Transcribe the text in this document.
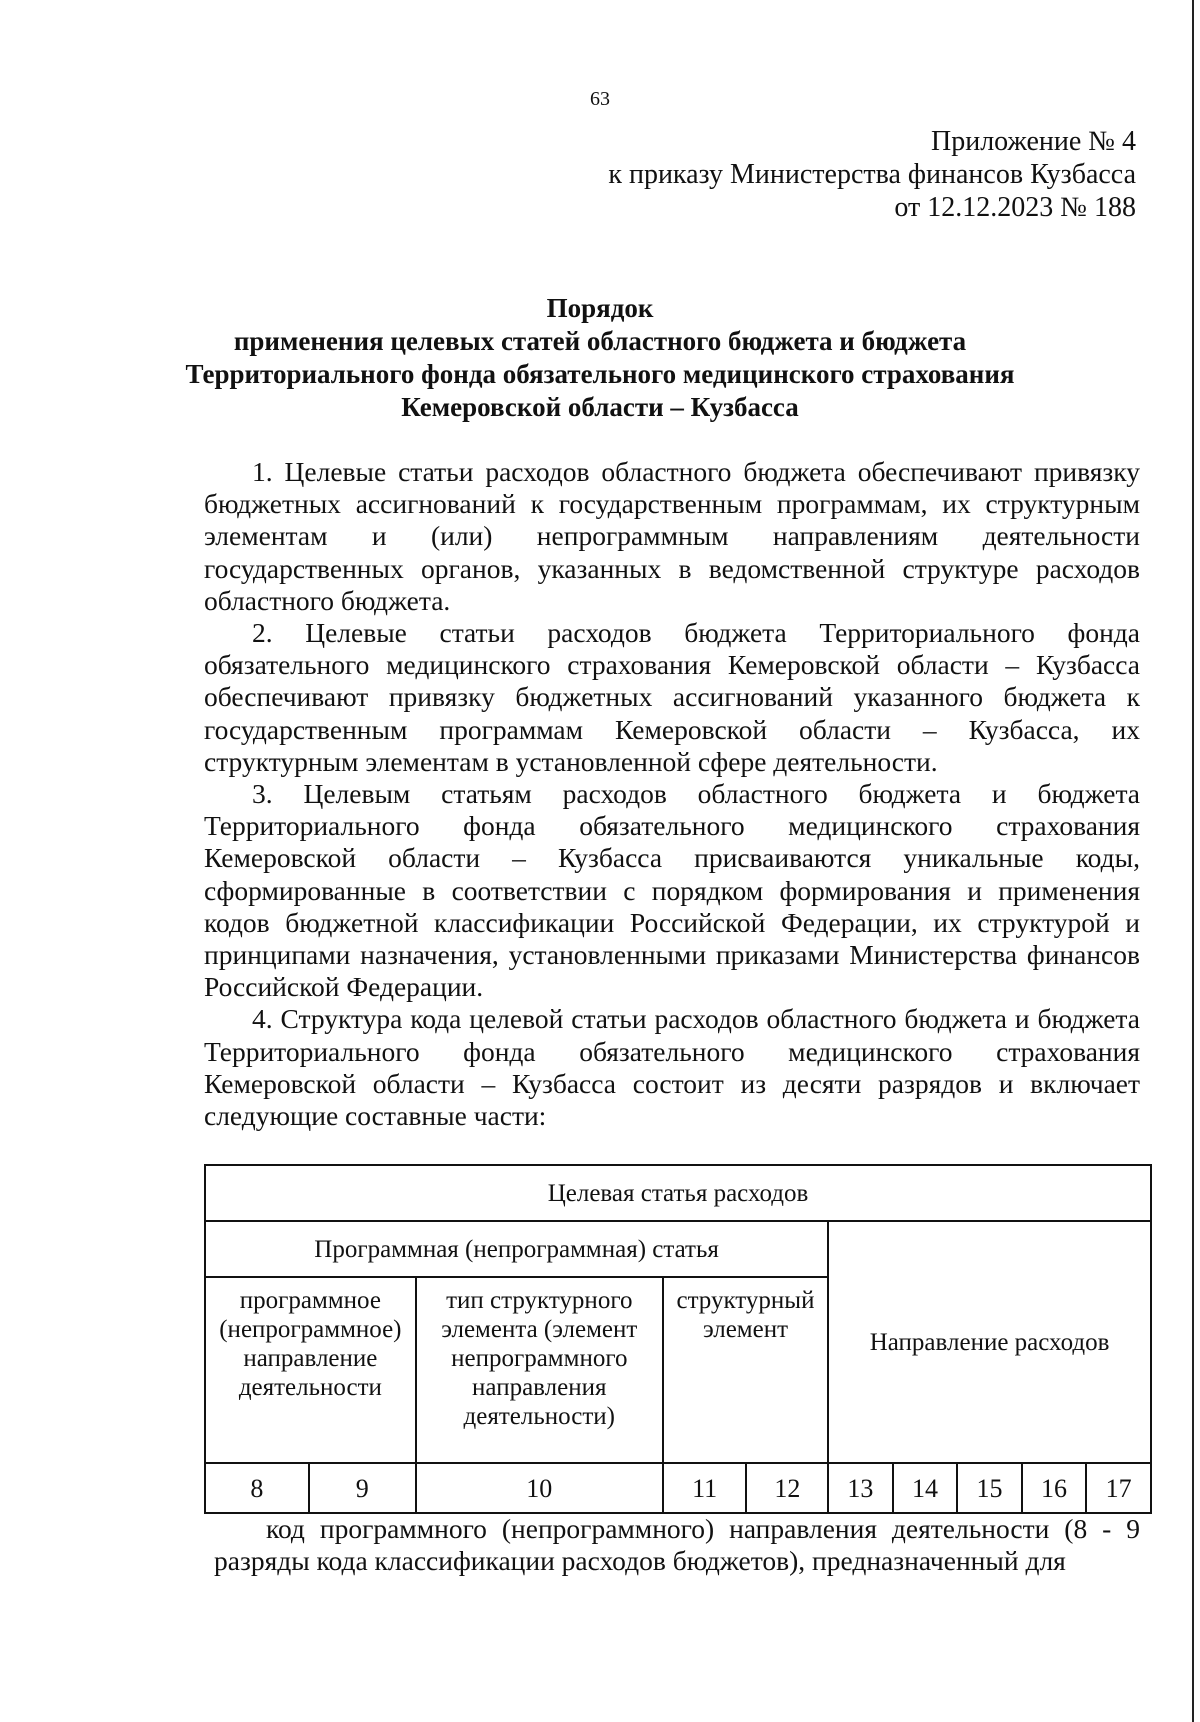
63
Приложение № 4
к приказу Министерства финансов Кузбасса
от 12.12.2023 № 188
Порядок
применения целевых статей областного бюджета и бюджета
Территориального фонда обязательного медицинского страхования
Кемеровской области – Кузбасса

1. Целевые статьи расходов областного бюджета обеспечивают привязку бюджетных ассигнований к государственным программам, их структурным элементам и (или) непрограммным направлениям деятельности государственных органов, указанных в ведомственной структуре расходов областного бюджета.

2. Целевые статьи расходов бюджета Территориального фонда обязательного медицинского страхования Кемеровской области – Кузбасса обеспечивают привязку бюджетных ассигнований указанного бюджета к государственным программам Кемеровской области – Кузбасса, их структурным элементам в установленной сфере деятельности.

3. Целевым статьям расходов областного бюджета и бюджета Территориального фонда обязательного медицинского страхования Кемеровской области – Кузбасса присваиваются уникальные коды, сформированные в соответствии с порядком формирования и применения кодов бюджетной классификации Российской Федерации, их структурой и принципами назначения, установленными приказами Министерства финансов Российской Федерации.

4. Структура кода целевой статьи расходов областного бюджета и бюджета Территориального фонда обязательного медицинского страхования Кемеровской области – Кузбасса состоит из десяти разрядов и включает следующие составные части:

Целевая статья расходов									
Программная (непрограммная) статья					Направление расходов				
программное (непрограммное) направление деятельности		тип структурного элемента (элемент непрограммного направления деятельности)	структурный элемент						
8	9	10	11	12	13	14	15	16	17

код программного (непрограммного) направления деятельности (8 - 9 разряды кода классификации расходов бюджетов), предназначенный для
